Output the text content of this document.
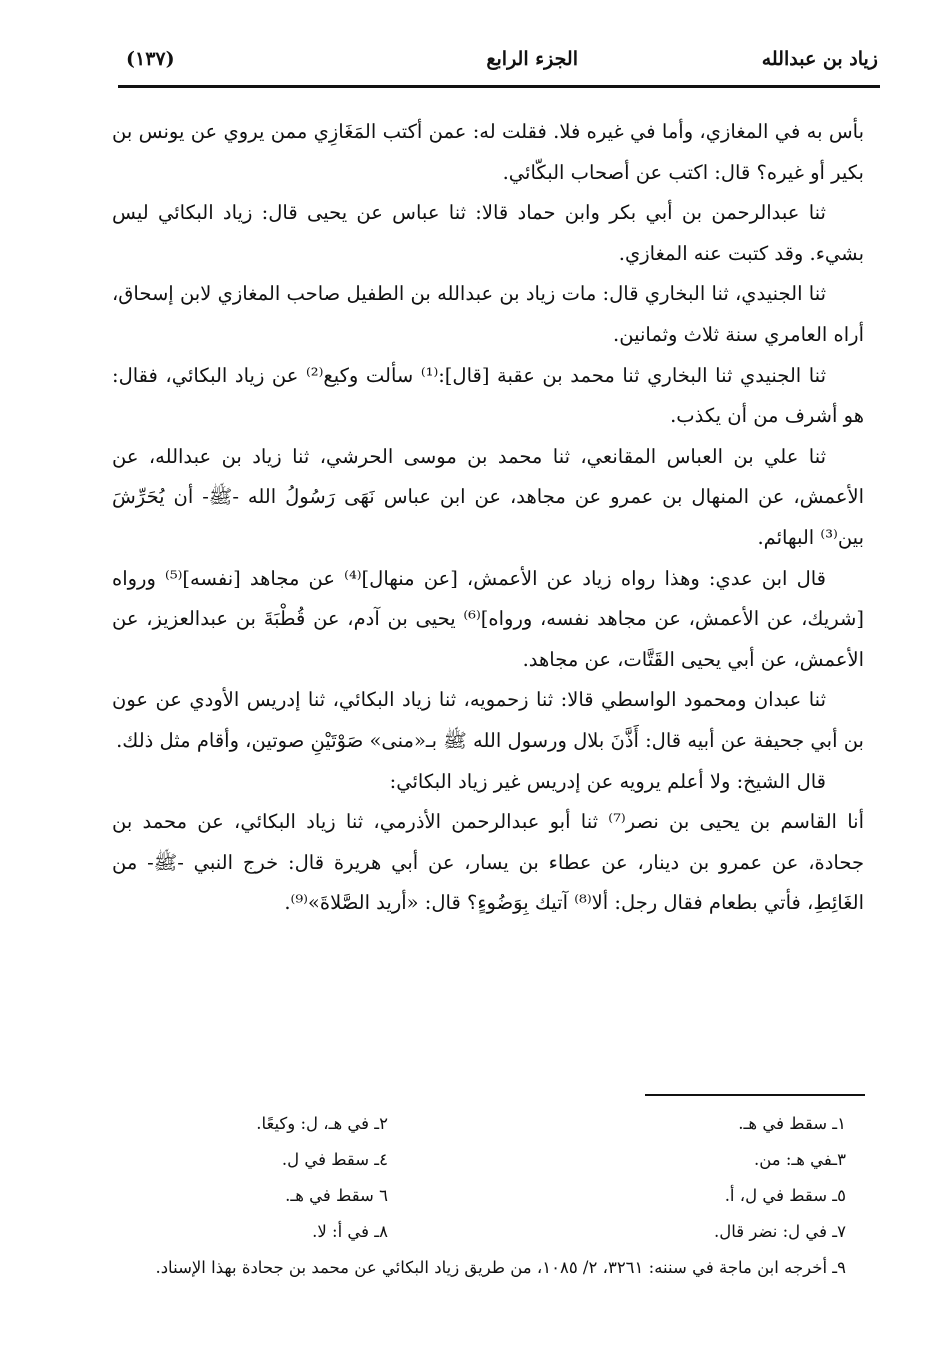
زياد بن عبدالله
الجزء الرابع
(١٣٧)

بأس به في المغازي، وأما في غيره فلا. فقلت له: عمن أكتب المَغَازِي ممن يروي عن يونس بن بكير أو غيره؟ قال: اكتب عن أصحاب البكّائي.

ثنا عبدالرحمن بن أبي بكر وابن حماد قالا: ثنا عباس عن يحيى قال: زياد البكائي ليس بشيء. وقد كتبت عنه المغازي.

ثنا الجنيدي، ثنا البخاري قال: مات زياد بن عبدالله بن الطفيل صاحب المغازي لابن إسحاق، أراه العامري سنة ثلاث وثمانين.

ثنا الجنيدي ثنا البخاري ثنا محمد بن عقبة [قال]:⁽¹⁾ سألت وكيع⁽²⁾ عن زياد البكائي، فقال: هو أشرف من أن يكذب.

ثنا علي بن العباس المقانعي، ثنا محمد بن موسى الحرشي، ثنا زياد بن عبدالله، عن الأعمش، عن المنهال بن عمرو عن مجاهد، عن ابن عباس نَهَى رَسُولُ الله -ﷺ- أن يُحَرِّشَ بين⁽³⁾ البهائم.

قال ابن عدي: وهذا رواه زياد عن الأعمش، [عن منهال]⁽⁴⁾ عن مجاهد [نفسه]⁽⁵⁾ ورواه [شريك، عن الأعمش، عن مجاهد نفسه، ورواه]⁽⁶⁾ يحيى بن آدم، عن قُطْبَةَ بن عبدالعزيز، عن الأعمش، عن أبي يحيى القَتَّات، عن مجاهد.

ثنا عبدان ومحمود الواسطي قالا: ثنا زحمويه، ثنا زياد البكائي، ثنا إدريس الأودي عن عون بن أبي جحيفة عن أبيه قال: أَذَّنَ بلال ورسول الله ﷺ بـ«منى» صَوْتَيْنِ صوتين، وأقام مثل ذلك.

قال الشيخ: ولا أعلم يرويه عن إدريس غير زياد البكائي:

أنا القاسم بن يحيى بن نصر⁽⁷⁾ ثنا أبو عبدالرحمن الأذرمي، ثنا زياد البكائي، عن محمد بن جحادة، عن عمرو بن دينار، عن عطاء بن يسار، عن أبي هريرة قال: خرج النبي -ﷺ- من الغَائِطِ، فأتي بطعام فقال رجل: ألا⁽⁸⁾ آتيك بِوَضُوءٍ؟ قال: «أريد الصَّلاةَ»⁽⁹⁾.

١ـ سقط في هـ.
٢ـ في هـ، ل: وكيعًا.
٣ـفي هـ: من.
٤ـ سقط في ل.
٥ـ سقط في ل، أ.
٦ سقط في هـ.
٧ـ في ل: نضر قال.
٨ـ في أ: لا.
٩ـ أخرجه ابن ماجة في سننه: ٣٢٦١، ٢/ ١٠٨٥، من طريق زياد البكائي عن محمد بن جحادة بهذا الإسناد.
